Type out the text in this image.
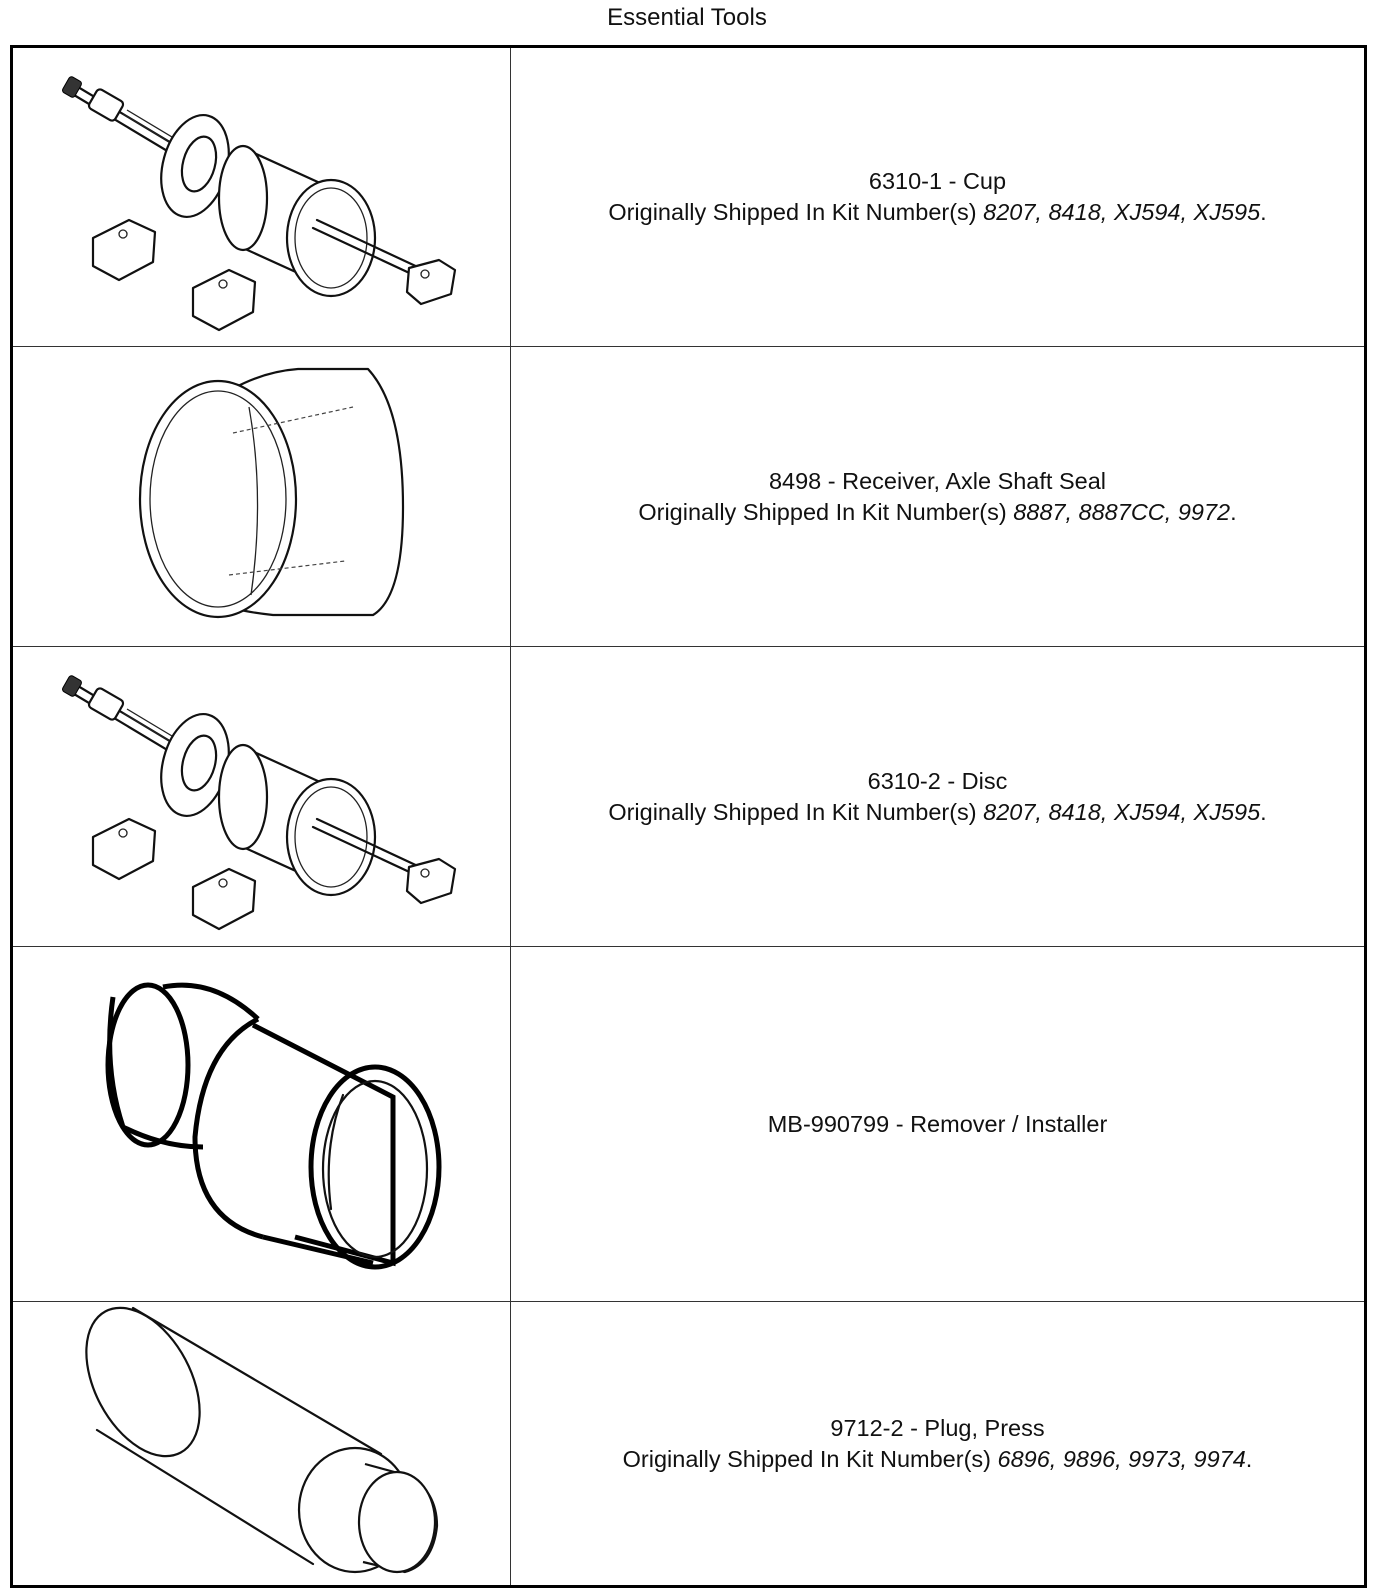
Essential Tools

6310-1 - Cup
Originally Shipped In Kit Number(s) 8207, 8418, XJ594, XJ595.

8498 - Receiver, Axle Shaft Seal
Originally Shipped In Kit Number(s) 8887, 8887CC, 9972.

6310-2 - Disc
Originally Shipped In Kit Number(s) 8207, 8418, XJ594, XJ595.

MB-990799 - Remover / Installer

9712-2 - Plug, Press
Originally Shipped In Kit Number(s) 6896, 9896, 9973, 9974.
